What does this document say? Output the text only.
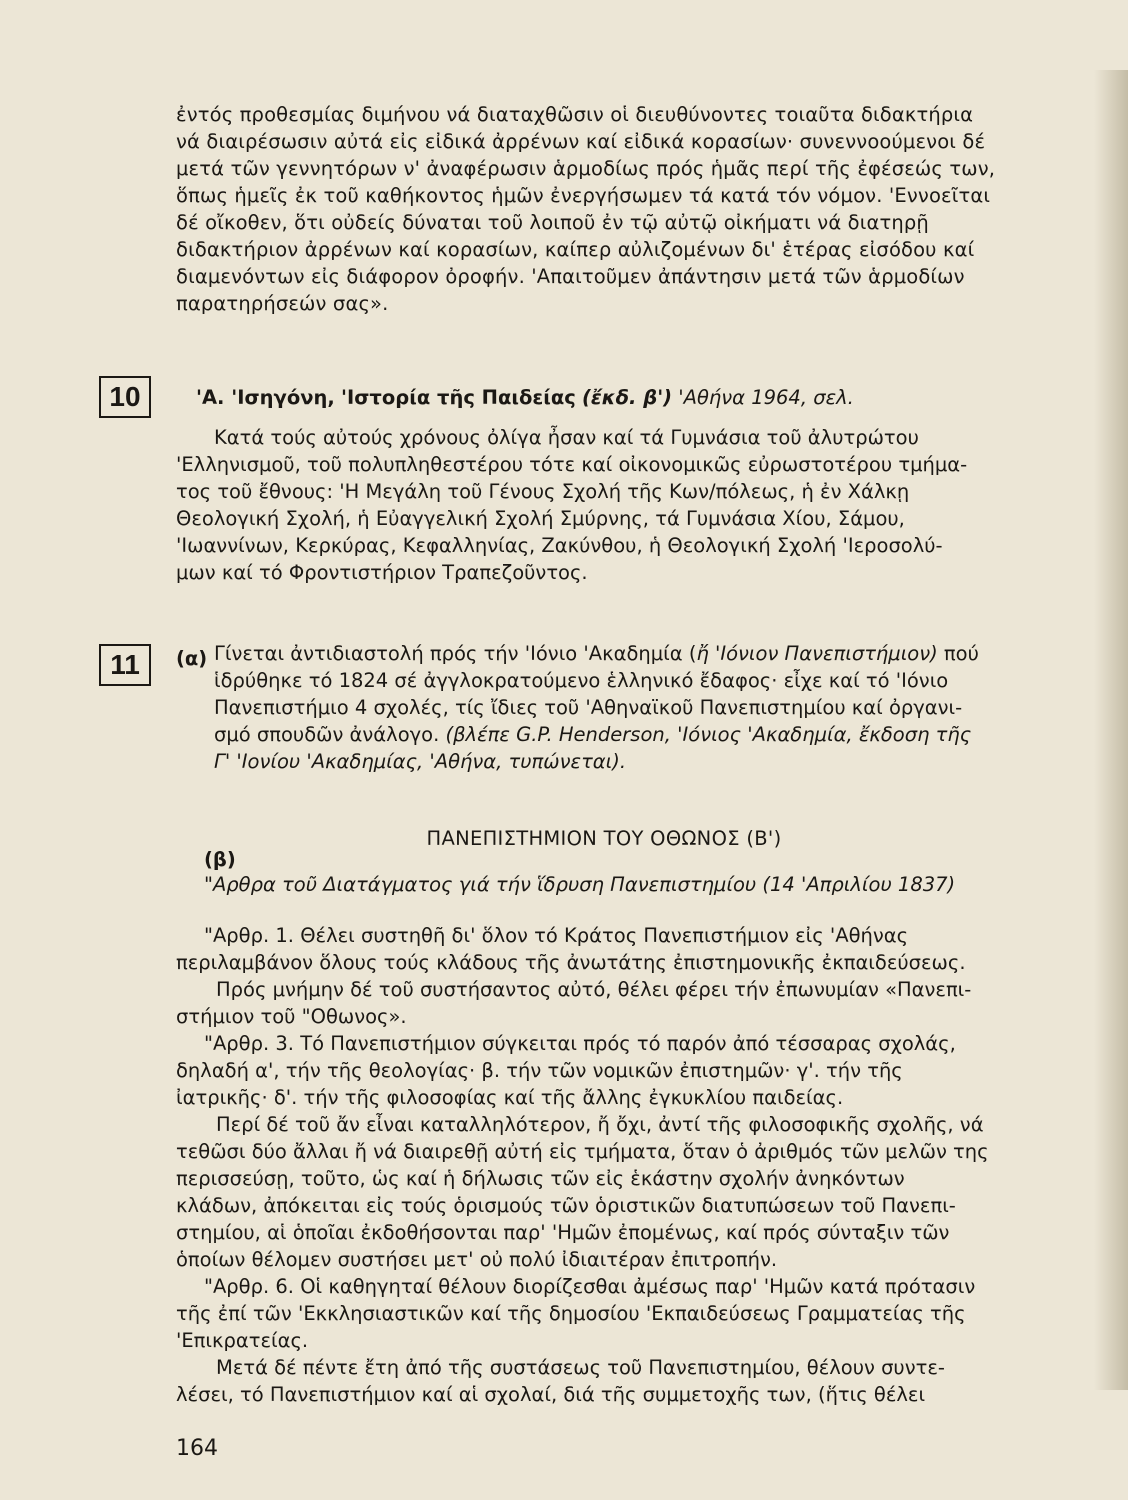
ἐντός προθεσμίας διμήνου νά διαταχθῶσιν οἱ διευθύνοντες τοιαῦτα διδακτήρια
νά διαιρέσωσιν αὐτά εἰς εἰδικά ἀρρένων καί εἰδικά κορασίων· συνεννοούμενοι δέ
μετά τῶν γεννητόρων ν' ἀναφέρωσιν ἁρμοδίως πρός ἡμᾶς περί τῆς ἐφέσεώς των,
ὅπως ἡμεῖς ἐκ τοῦ καθήκοντος ἡμῶν ἐνεργήσωμεν τά κατά τόν νόμον. 'Εννοεῖται
δέ οἴκοθεν, ὅτι οὐδείς δύναται τοῦ λοιποῦ ἐν τῷ αὐτῷ οἰκήματι νά διατηρῇ
διδακτήριον ἀρρένων καί κορασίων, καίπερ αὐλιζομένων δι' ἑτέρας εἰσόδου καί
διαμενόντων εἰς διάφορον ὀροφήν. 'Απαιτοῦμεν ἀπάντησιν μετά τῶν ἁρμοδίων
παρατηρήσεών σας».
10	'Α. 'Ισηγόνη, 'Ιστορία τῆς Παιδείας (ἔκδ. β') 'Αθήνα 1964, σελ.
Κατά τούς αὐτούς χρόνους ὀλίγα ἦσαν καί τά Γυμνάσια τοῦ ἀλυτρώτου
'Ελληνισμοῦ, τοῦ πολυπληθεστέρου τότε καί οἰκονομικῶς εὐρωστοτέρου τμήμα-
τος τοῦ ἔθνους: 'Η Μεγάλη τοῦ Γένους Σχολή τῆς Κων/πόλεως, ἡ ἐν Χάλκῃ
Θεολογική Σχολή, ἡ Εὐαγγελική Σχολή Σμύρνης, τά Γυμνάσια Χίου, Σάμου,
'Ιωαννίνων, Κερκύρας, Κεφαλληνίας, Ζακύνθου, ἡ Θεολογική Σχολή 'Ιεροσολύ-
μων καί τό Φροντιστήριον Τραπεζοῦντος.
11	(α) Γίνεται ἀντιδιαστολή πρός τήν 'Ιόνιο 'Ακαδημία (ἤ 'Ιόνιον Πανεπιστήμιον) πού
ἱδρύθηκε τό 1824 σέ ἀγγλοκρατούμενο ἑλληνικό ἔδαφος· εἶχε καί τό 'Ιόνιο
Πανεπιστήμιο 4 σχολές, τίς ἴδιες τοῦ 'Αθηναϊκοῦ Πανεπιστημίου καί ὀργανι-
σμό σπουδῶν ἀνάλογο. (βλέπε G.P. Henderson, 'Ιόνιος 'Ακαδημία, ἔκδοση τῆς
Γ' 'Ιονίου 'Ακαδημίας, 'Αθήνα, τυπώνεται).
ΠΑΝΕΠΙΣΤΗΜΙΟΝ ΤΟΥ ΟΘΩΝΟΣ (Β')
(β)
"Αρθρα τοῦ Διατάγματος γιά τήν ἵδρυση Πανεπιστημίου (14 'Απριλίου 1837)
"Αρθρ. 1. Θέλει συστηθῆ δι' ὅλον τό Κράτος Πανεπιστήμιον εἰς 'Αθήνας
περιλαμβάνον ὅλους τούς κλάδους τῆς ἀνωτάτης ἐπιστημονικῆς ἐκπαιδεύσεως.
Πρός μνήμην δέ τοῦ συστήσαντος αὐτό, θέλει φέρει τήν ἐπωνυμίαν «Πανεπι-
στήμιον τοῦ "Οθωνος».
"Αρθρ. 3. Τό Πανεπιστήμιον σύγκειται πρός τό παρόν ἀπό τέσσαρας σχολάς,
δηλαδή α', τήν τῆς θεολογίας· β. τήν τῶν νομικῶν ἐπιστημῶν· γ'. τήν τῆς
ἰατρικῆς· δ'. τήν τῆς φιλοσοφίας καί τῆς ἄλλης ἐγκυκλίου παιδείας.
Περί δέ τοῦ ἄν εἶναι καταλληλότερον, ἤ ὄχι, ἀντί τῆς φιλοσοφικῆς σχολῆς, νά
τεθῶσι δύο ἄλλαι ἤ νά διαιρεθῇ αὐτή εἰς τμήματα, ὅταν ὁ ἀριθμός τῶν μελῶν της
περισσεύσῃ, τοῦτο, ὡς καί ἡ δήλωσις τῶν εἰς ἑκάστην σχολήν ἀνηκόντων
κλάδων, ἀπόκειται εἰς τούς ὁρισμούς τῶν ὁριστικῶν διατυπώσεων τοῦ Πανεπι-
στημίου, αἱ ὁποῖαι ἐκδοθήσονται παρ' 'Ημῶν ἐπομένως, καί πρός σύνταξιν τῶν
ὁποίων θέλομεν συστήσει μετ' οὐ πολύ ἰδιαιτέραν ἐπιτροπήν.
"Αρθρ. 6. Οἱ καθηγηταί θέλουν διορίζεσθαι ἀμέσως παρ' 'Ημῶν κατά πρότασιν
τῆς ἐπί τῶν 'Εκκλησιαστικῶν καί τῆς δημοσίου 'Εκπαιδεύσεως Γραμματείας τῆς
'Επικρατείας.
Μετά δέ πέντε ἔτη ἀπό τῆς συστάσεως τοῦ Πανεπιστημίου, θέλουν συντε-
λέσει, τό Πανεπιστήμιον καί αἱ σχολαί, διά τῆς συμμετοχῆς των, (ἥτις θέλει
164
